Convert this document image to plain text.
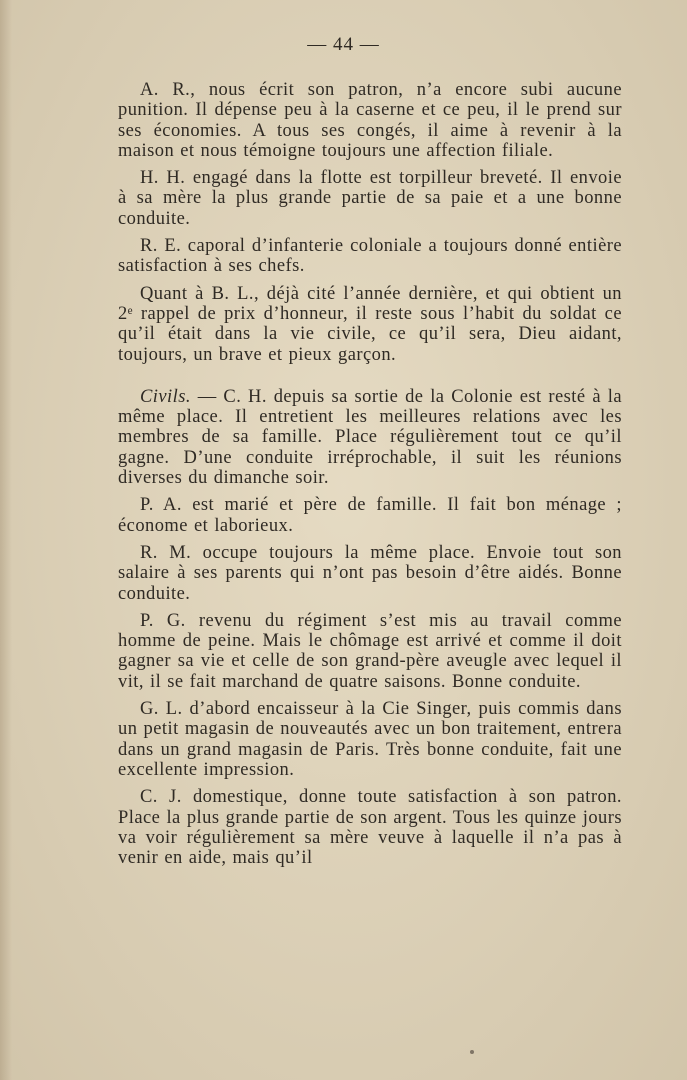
— 44 —

A. R., nous écrit son patron, n’a encore subi aucune punition. Il dépense peu à la caserne et ce peu, il le prend sur ses économies. A tous ses congés, il aime à revenir à la maison et nous témoigne toujours une affection filiale.

H. H. engagé dans la flotte est torpilleur breveté. Il envoie à sa mère la plus grande partie de sa paie et a une bonne conduite.

R. E. caporal d’infanterie coloniale a toujours donné entière satisfaction à ses chefs.

Quant à B. L., déjà cité l’année dernière, et qui obtient un 2ᵉ rappel de prix d’honneur, il reste sous l’habit du soldat ce qu’il était dans la vie civile, ce qu’il sera, Dieu aidant, toujours, un brave et pieux garçon.

Civils. — C. H. depuis sa sortie de la Colonie est resté à la même place. Il entretient les meilleures relations avec les membres de sa famille. Place régulièrement tout ce qu’il gagne. D’une conduite irréprochable, il suit les réunions diverses du dimanche soir.

P. A. est marié et père de famille. Il fait bon ménage ; économe et laborieux.

R. M. occupe toujours la même place. Envoie tout son salaire à ses parents qui n’ont pas besoin d’être aidés. Bonne conduite.

P. G. revenu du régiment s’est mis au travail comme homme de peine. Mais le chômage est arrivé et comme il doit gagner sa vie et celle de son grand-père aveugle avec lequel il vit, il se fait marchand de quatre saisons. Bonne conduite.

G. L. d’abord encaisseur à la Cie Singer, puis commis dans un petit magasin de nouveautés avec un bon traitement, entrera dans un grand magasin de Paris. Très bonne conduite, fait une excellente impression.

C. J. domestique, donne toute satisfaction à son patron. Place la plus grande partie de son argent. Tous les quinze jours va voir régulièrement sa mère veuve à laquelle il n’a pas à venir en aide, mais qu’il
